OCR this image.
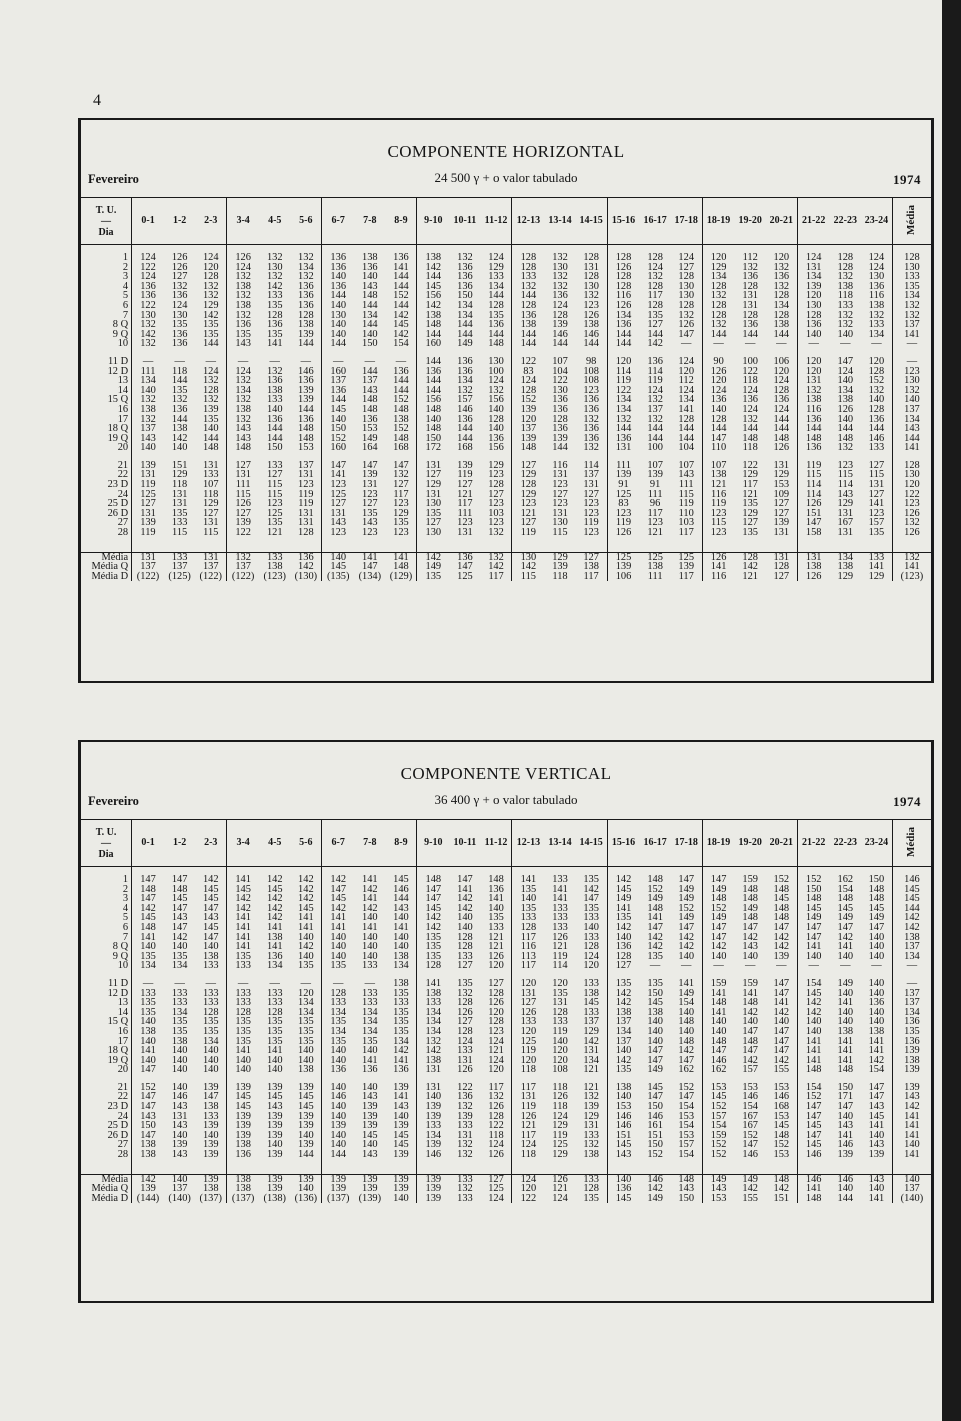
4
COMPONENTE HORIZONTAL
Fevereiro	24 500 γ + o valor tabulado	1974
T. U.
—
Dia	0-1	1-2	2-3	3-4	4-5	5-6	6-7	7-8	8-9	9-10	10-11	11-12	12-13	13-14	14-15	15-16	16-17	17-18	18-19	19-20	20-21	21-22	22-23	23-24	Média

1	124	126	124	126	132	132	136	138	136	138	132	124	128	132	128	128	128	124	120	112	120	124	128	124	128
2	122	126	120	124	130	134	136	136	141	142	136	129	128	130	131	126	124	127	129	132	132	131	128	124	130
3	124	127	128	132	132	132	140	140	144	144	136	133	133	132	128	128	132	128	134	136	136	134	132	130	133
4	136	132	132	138	142	136	136	143	144	145	136	134	132	132	130	128	128	130	128	128	132	139	138	136	135
5	136	136	132	132	133	136	144	148	152	156	150	144	144	136	132	116	117	130	132	131	128	120	118	116	134
6	122	124	129	138	135	136	140	144	144	142	134	128	128	124	123	126	128	128	128	131	134	130	133	138	132
7	130	130	142	132	128	128	130	134	142	138	134	135	136	128	126	134	135	132	128	128	128	128	132	132	132
8 Q	132	135	135	136	136	138	140	144	145	148	144	136	138	139	138	136	127	126	132	136	138	136	132	133	137
9 Q	142	136	135	135	135	139	140	140	142	144	144	144	144	146	146	144	144	147	144	144	144	140	140	134	141
10	132	136	144	143	141	144	144	150	154	160	149	148	144	144	144	144	142	—	—	—	—	—	—	—	—

11 D	—	—	—	—	—	—	—	—	—	144	136	130	122	107	98	120	136	124	90	100	106	120	147	120	—
12 D	111	118	124	124	132	146	160	144	136	136	136	100	83	104	108	114	114	120	126	122	120	120	124	128	123
13	134	144	132	132	136	136	137	137	144	144	134	124	124	122	108	119	119	112	120	118	124	131	140	152	130
14	140	135	128	134	138	139	136	143	144	144	132	132	128	130	123	122	124	124	124	124	128	132	134	132	132
15 Q	132	132	132	132	133	139	144	148	152	156	157	156	152	136	136	134	132	134	136	136	136	138	138	140	140
16	138	136	139	138	140	144	145	148	148	148	146	140	139	136	136	134	137	141	140	124	124	116	126	128	137
17	132	144	135	132	136	136	140	136	138	140	136	128	120	128	132	132	132	128	128	132	144	136	140	136	134
18 Q	137	138	140	143	144	148	150	153	152	148	144	140	137	136	136	144	144	144	144	144	144	144	144	144	143
19 Q	143	142	144	143	144	148	152	149	148	150	144	136	139	139	136	136	144	144	147	148	148	148	148	146	144
20	140	140	148	148	150	153	160	164	168	172	168	156	148	144	132	131	100	104	110	118	126	136	132	133	141

21	139	151	131	127	133	137	147	147	147	131	139	129	127	116	114	111	107	107	107	122	131	119	123	127	128
22	131	129	133	131	127	131	141	139	132	127	119	123	129	131	137	139	139	143	138	129	129	115	115	115	130
23 D	119	118	107	111	115	123	123	131	127	129	127	128	128	123	131	91	91	111	121	117	153	114	114	131	120
24	125	131	118	115	115	119	125	123	117	131	121	127	129	127	127	125	111	115	116	121	109	114	143	127	122
25 D	127	131	129	126	123	119	127	127	123	130	117	123	123	123	123	83	96	119	119	135	127	126	129	141	123
26 D	131	135	127	127	125	131	131	135	129	135	111	103	121	131	123	123	117	110	123	129	127	151	131	123	126
27	139	133	131	139	135	131	143	143	135	127	123	123	127	130	119	119	123	103	115	127	139	147	167	157	132
28	119	115	115	122	121	128	123	123	123	130	131	132	119	115	123	126	121	117	123	135	131	158	131	135	126

Média	131	133	131	132	133	136	140	141	141	142	136	132	130	129	127	125	125	125	126	128	131	131	134	133	132
Média Q	137	137	137	137	138	142	145	147	148	149	147	142	142	139	138	139	138	139	141	142	128	138	138	141	141
Média D	(122)	(125)	(122)	(122)	(123)	(130)	(135)	(134)	(129)	135	125	117	115	118	117	106	111	117	116	121	127	126	129	129	(123)
COMPONENTE VERTICAL
Fevereiro	36 400 γ + o valor tabulado	1974
T. U.
—
Dia	0-1	1-2	2-3	3-4	4-5	5-6	6-7	7-8	8-9	9-10	10-11	11-12	12-13	13-14	14-15	15-16	16-17	17-18	18-19	19-20	20-21	21-22	22-23	23-24	Média

1	147	147	142	141	142	142	142	141	145	148	147	148	141	133	135	142	148	147	147	159	152	152	162	150	146
2	148	148	145	145	145	142	147	142	146	147	141	136	135	141	142	145	152	149	149	148	148	150	154	148	145
3	147	145	145	142	142	142	145	141	144	147	142	141	140	141	147	149	149	149	148	148	145	148	148	148	145
4	142	147	147	142	142	145	142	142	143	145	142	140	135	133	135	141	148	152	152	149	148	145	145	145	144
5	145	143	143	141	142	141	141	140	140	142	140	135	133	133	133	135	141	149	149	148	148	149	149	149	142
6	148	147	145	141	141	141	141	141	141	142	140	133	128	133	140	142	147	147	147	147	147	147	147	147	142
7	141	142	147	141	138	140	140	140	140	135	128	121	117	126	133	140	142	142	147	142	142	147	142	140	138
8 Q	140	140	140	141	141	142	140	140	140	135	128	121	116	121	128	136	142	142	142	143	142	141	141	140	137
9 Q	135	135	138	135	136	140	140	140	138	135	133	126	113	119	124	128	135	140	140	140	139	140	140	140	134
10	134	134	133	133	134	135	135	133	134	128	127	120	117	114	120	127	—	—	—	—	—	—	—	—	—

11 D	—	—	—	—	—	—	—	—	138	141	135	127	120	120	133	135	135	141	159	159	147	154	149	140	—
12 D	133	133	133	133	133	120	128	133	135	138	132	128	131	135	138	142	150	149	141	141	147	145	140	140	137
13	135	133	133	133	133	134	133	133	133	133	128	126	127	131	145	142	145	154	148	148	141	142	141	136	137
14	135	134	128	128	128	134	134	134	135	134	126	120	126	128	133	138	138	140	141	142	142	142	140	140	134
15 Q	140	135	135	135	135	135	135	134	135	134	127	128	133	133	137	137	140	148	140	140	140	140	140	140	136
16	138	135	135	135	135	135	134	134	135	134	128	123	120	119	129	134	140	140	140	147	147	140	138	138	135
17	140	138	134	135	135	135	135	135	134	132	124	124	125	140	142	137	140	148	148	148	147	141	141	141	136
18 Q	141	140	140	141	141	140	140	140	142	142	133	121	119	120	131	140	147	142	147	147	147	141	141	141	139
19 Q	140	140	140	140	140	140	140	141	141	138	131	124	120	120	134	142	147	147	146	142	142	141	141	142	138
20	147	140	140	140	140	138	136	136	136	131	126	120	118	108	121	135	149	162	162	157	155	148	148	154	139

21	152	140	139	139	139	139	140	140	139	131	122	117	117	118	121	138	145	152	153	153	153	154	150	147	139
22	147	146	147	145	145	145	146	143	141	140	136	132	131	126	132	140	147	147	145	146	146	152	171	147	143
23 D	147	143	138	145	143	145	140	139	143	139	132	126	119	118	139	153	150	154	152	154	168	147	147	143	142
24	143	131	133	139	139	139	140	139	140	139	139	128	126	124	129	146	146	153	157	167	153	147	140	145	141
25 D	150	143	139	139	139	139	139	139	139	133	133	122	121	129	131	146	161	154	154	167	145	145	143	141	141
26 D	147	140	140	139	139	140	140	145	145	134	131	118	117	119	133	151	151	153	159	152	148	147	141	140	141
27	138	139	139	138	140	139	140	140	145	139	132	124	124	125	132	145	150	157	152	147	152	145	146	143	140
28	138	143	139	136	139	144	144	143	139	146	132	126	118	129	138	143	152	154	152	146	153	146	139	139	141

Média	142	140	139	138	139	139	139	139	139	139	133	127	124	126	133	140	146	148	149	149	148	146	146	143	140
Média Q	139	137	138	138	139	140	139	139	139	139	132	125	120	121	128	136	142	143	143	142	142	141	140	140	137
Média D	(144)	(140)	(137)	(137)	(138)	(136)	(137)	(139)	140	139	133	124	122	124	135	145	149	150	153	155	151	148	144	141	(140)
